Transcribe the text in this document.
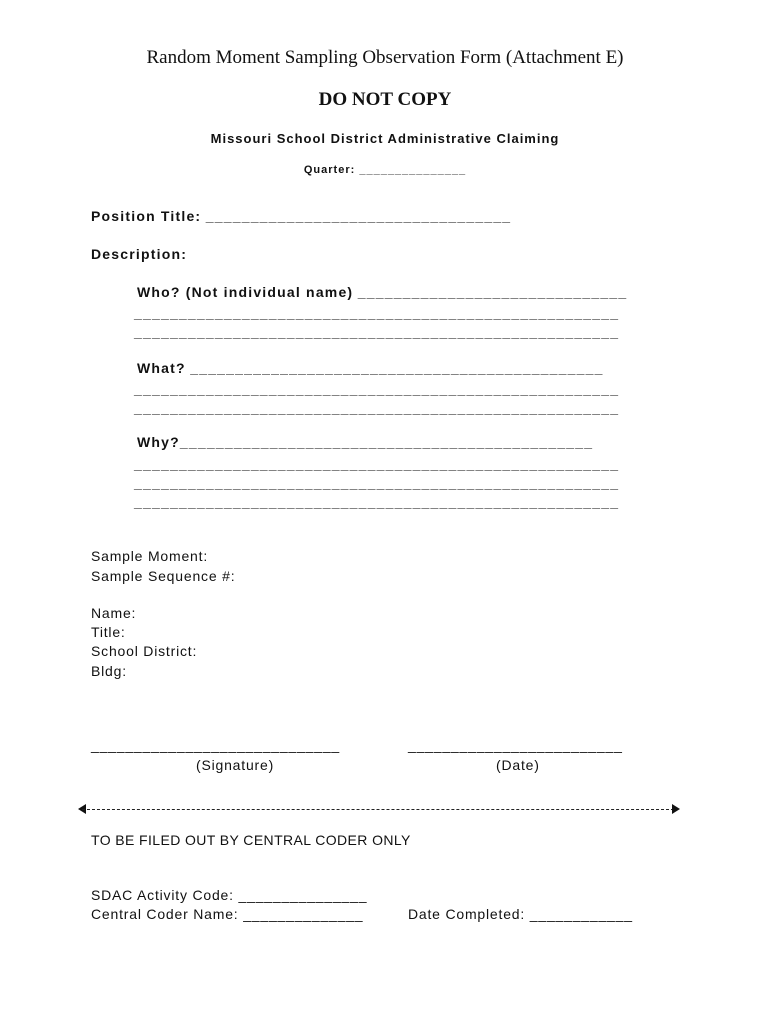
Random Moment Sampling Observation Form (Attachment E)
DO NOT COPY
Missouri School District Administrative Claiming
Quarter: _______________
Position Title: __________________________________
Description:
Who? (Not individual name) ______________________________
______________________________________________________
______________________________________________________
What? ______________________________________________
______________________________________________________
______________________________________________________
Why?______________________________________________
______________________________________________________
______________________________________________________
______________________________________________________
Sample Moment:
Sample Sequence #:
Name:
Title:
School District:
Bldg:
_____________________________
(Signature)
_________________________
(Date)
TO BE FILED OUT BY CENTRAL CODER ONLY
SDAC Activity Code: _______________
Central Coder Name: ______________	Date Completed: ____________
